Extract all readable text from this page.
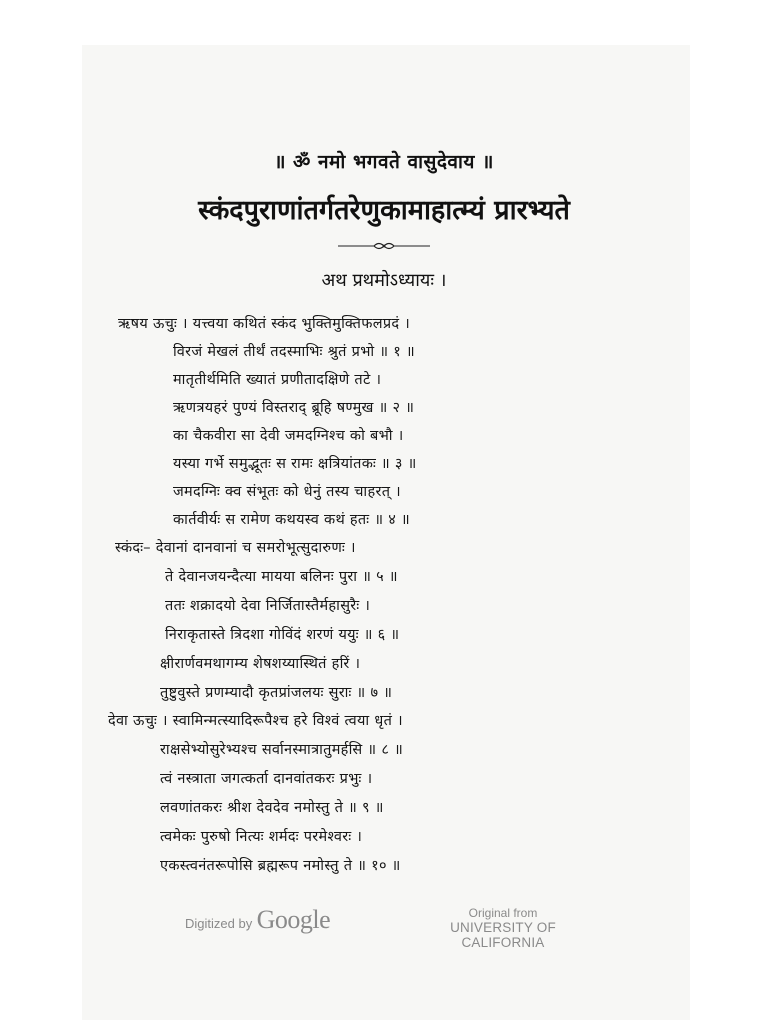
॥ ॐ नमो भगवते वासुदेवाय ॥
स्कंदपुराणांतर्गतरेणुकामाहात्म्यं प्रारभ्यते
अथ प्रथमोऽध्यायः ।
ऋषय ऊचुः । यत्त्वया कथितं स्कंद भुक्तिमुक्तिफलप्रदं ।
विरजं मेखलं तीर्थं तदस्माभिः श्रुतं प्रभो ॥ १ ॥
मातृतीर्थमिति ख्यातं प्रणीतादक्षिणे तटे ।
ऋणत्रयहरं पुण्यं विस्तराद् ब्रूहि षण्मुख ॥ २ ॥
का चैकवीरा सा देवी जमदग्निश्च को बभौ ।
यस्या गर्भे समुद्भूतः स रामः क्षत्रियांतकः ॥ ३ ॥
जमदग्निः क्व संभूतः को धेनुं तस्य चाहरत् ।
कार्तवीर्यः स रामेण कथयस्व कथं हतः ॥ ४ ॥
स्कंदः– देवानां दानवानां च समरोभूत्सुदारुणः ।
ते देवानजयन्दैत्या मायया बलिनः पुरा ॥ ५ ॥
ततः शक्रादयो देवा निर्जितास्तैर्महासुरैः ।
निराकृतास्ते त्रिदशा गोविंदं शरणं ययुः ॥ ६ ॥
क्षीरार्णवमथागम्य शेषशय्यास्थितं हरिं ।
तुष्टुवुस्ते प्रणम्यादौ कृतप्रांजलयः सुराः ॥ ७ ॥
देवा ऊचुः । स्वामिन्मत्स्यादिरूपैश्च हरे विश्वं त्वया धृतं ।
राक्षसेभ्योसुरेभ्यश्च सर्वानस्मात्रातुमर्हसि ॥ ८ ॥
त्वं नस्त्राता जगत्कर्ता दानवांतकरः प्रभुः ।
लवणांतकरः श्रीश देवदेव नमोस्तु ते ॥ ९ ॥
त्वमेकः पुरुषो नित्यः शर्मदः परमेश्वरः ।
एकस्त्वनंतरूपोसि ब्रह्मरूप नमोस्तु ते ॥ १० ॥
Digitized by Google	Original from
UNIVERSITY OF CALIFORNIA
